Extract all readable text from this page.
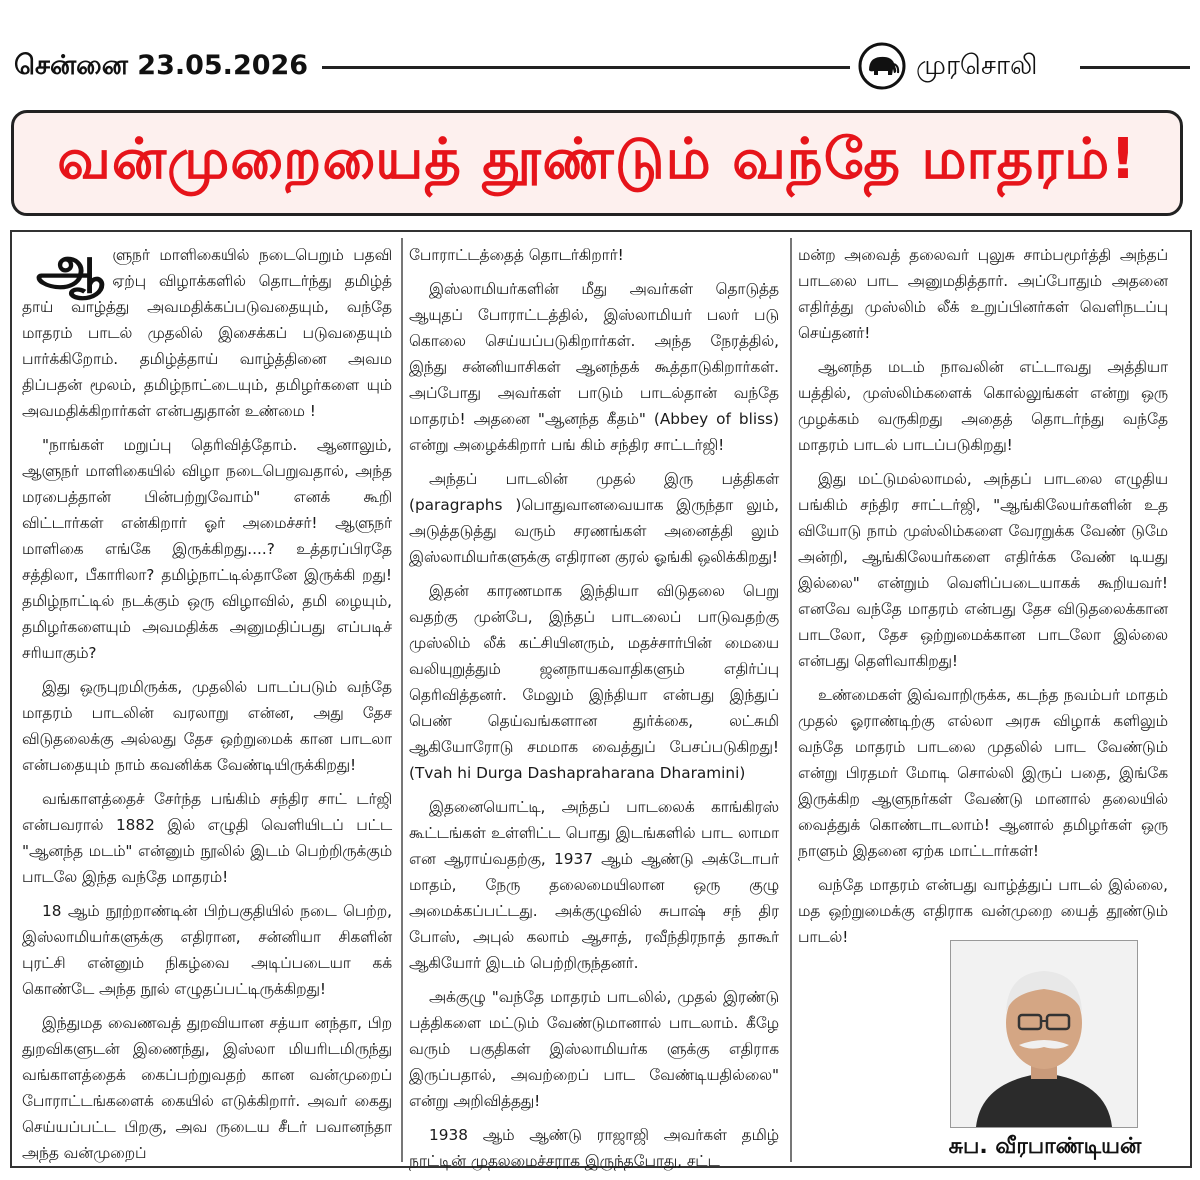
சென்னை 23.05.2026	முரசொலி
வன்முறையைத் தூண்டும் வந்தே மாதரம்!

ஆளுநர் மாளிகையில் நடைபெறும் பதவி ஏற்பு விழாக்களில் தொடர்ந்து தமிழ்த் தாய் வாழ்த்து அவமதிக்கப்படுவதையும், வந்தே மாதரம் பாடல் முதலில் இசைக்கப் படுவதையும் பார்க்கிறோம். தமிழ்த்தாய் வாழ்த்தினை அவம திப்பதன் மூலம், தமிழ்நாட்டையும், தமிழர்களை யும் அவமதிக்கிறார்கள் என்பதுதான் உண்மை !

"நாங்கள் மறுப்பு தெரிவித்தோம். ஆனாலும், ஆளுநர் மாளிகையில் விழா நடைபெறுவதால், அந்த மரபைத்தான் பின்பற்றுவோம்" எனக் கூறி விட்டார்கள் என்கிறார் ஓர் அமைச்சர்! ஆளுநர் மாளிகை எங்கே இருக்கிறது....? உத்தரப்பிரதே சத்திலா, பீகாரிலா? தமிழ்நாட்டில்தானே இருக்கி றது! தமிழ்நாட்டில் நடக்கும் ஒரு விழாவில், தமி ழையும், தமிழர்களையும் அவமதிக்க அனுமதிப்பது எப்படிச் சரியாகும்?

இது ஒருபுறமிருக்க, முதலில் பாடப்படும் வந்தே மாதரம் பாடலின் வரலாறு என்ன, அது தேச விடுதலைக்கு அல்லது தேச ஒற்றுமைக் கான பாடலா என்பதையும் நாம் கவனிக்க வேண்டியிருக்கிறது!

வங்காளத்தைச் சேர்ந்த பங்கிம் சந்திர சாட் டர்ஜி என்பவரால் 1882 இல் எழுதி வெளியிடப் பட்ட "ஆனந்த மடம்" என்னும் நூலில் இடம் பெற்றிருக்கும் பாடலே இந்த வந்தே மாதரம்!

18 ஆம் நூற்றாண்டின் பிற்பகுதியில் நடை பெற்ற, இஸ்லாமியர்களுக்கு எதிரான, சன்னியா சிகளின் புரட்சி என்னும் நிகழ்வை அடிப்படையா கக் கொண்டே அந்த நூல் எழுதப்பட்டிருக்கிறது!

இந்துமத வைணவத் துறவியான சத்யா னந்தா, பிற துறவிகளுடன் இணைந்து, இஸ்லா மியரிடமிருந்து வங்காளத்தைக் கைப்பற்றுவதற் கான வன்முறைப் போராட்டங்களைக் கையில் எடுக்கிறார். அவர் கைது செய்யப்பட்ட பிறகு, அவ ருடைய சீடர் பவானந்தா அந்த வன்முறைப்

போராட்டத்தைத் தொடர்கிறார்!

இஸ்லாமியர்களின் மீது அவர்கள் தொடுத்த ஆயுதப் போராட்டத்தில், இஸ்லாமியர் பலர் படு கொலை செய்யப்படுகிறார்கள். அந்த நேரத்தில், இந்து சன்னியாசிகள் ஆனந்தக் கூத்தாடுகிறார்கள். அப்போது அவர்கள் பாடும் பாடல்தான் வந்தே மாதரம்! அதனை "ஆனந்த கீதம்" (Abbey of bliss) என்று அழைக்கிறார் பங் கிம் சந்திர சாட்டர்ஜி!

அந்தப் பாடலின் முதல் இரு பத்திகள் (paragraphs )பொதுவானவையாக இருந்தா லும், அடுத்தடுத்து வரும் சரணங்கள் அனைத்தி லும் இஸ்லாமியர்களுக்கு எதிரான குரல் ஓங்கி ஒலிக்கிறது!

இதன் காரணமாக இந்தியா விடுதலை பெறு வதற்கு முன்பே, இந்தப் பாடலைப் பாடுவதற்கு முஸ்லிம் லீக் கட்சியினரும், மதச்சார்பின் மையை வலியுறுத்தும் ஜனநாயகவாதிகளும் எதிர்ப்பு தெரிவித்தனர். மேலும் இந்தியா என்பது இந்துப் பெண் தெய்வங்களான துர்க்கை, லட்சுமி ஆகியோரோடு சமமாக வைத்துப் பேசப்படுகிறது! (Tvah hi Durga Dashapraharana Dharamini)

இதனையொட்டி, அந்தப் பாடலைக் காங்கிரஸ் கூட்டங்கள் உள்ளிட்ட பொது இடங்களில் பாட லாமா என ஆராய்வதற்கு, 1937 ஆம் ஆண்டு அக்டோபர் மாதம், நேரு தலைமையிலான ஒரு குழு அமைக்கப்பட்டது. அக்குழுவில் சுபாஷ் சந் திர போஸ், அபுல் கலாம் ஆசாத், ரவீந்திரநாத் தாகூர் ஆகியோர் இடம் பெற்றிருந்தனர்.

அக்குழு "வந்தே மாதரம் பாடலில், முதல் இரண்டு பத்திகளை மட்டும் வேண்டுமானால் பாடலாம். கீழே வரும் பகுதிகள் இஸ்லாமியர்க ளுக்கு எதிராக இருப்பதால், அவற்றைப் பாட வேண்டியதில்லை" என்று அறிவித்தது!

1938 ஆம் ஆண்டு ராஜாஜி அவர்கள் தமிழ் நாட்டின் முதலமைச்சராக இருந்தபோது, சட்ட

மன்ற அவைத் தலைவர் புலுசு சாம்பமூர்த்தி அந்தப் பாடலை பாட அனுமதித்தார். அப்போதும் அதனை எதிர்த்து முஸ்லிம் லீக் உறுப்பினர்கள் வெளிநடப்பு செய்தனர்!

ஆனந்த மடம் நாவலின் எட்டாவது அத்தியா யத்தில், முஸ்லிம்களைக் கொல்லுங்கள் என்று ஒரு முழக்கம் வருகிறது அதைத் தொடர்ந்து வந்தே மாதரம் பாடல் பாடப்படுகிறது!

இது மட்டுமல்லாமல், அந்தப் பாடலை எழுதிய பங்கிம் சந்திர சாட்டர்ஜி, "ஆங்கிலேயர்களின் உத வியோடு நாம் முஸ்லிம்களை வேரறுக்க வேண் டுமே அன்றி, ஆங்கிலேயர்களை எதிர்க்க வேண் டியது இல்லை" என்றும் வெளிப்படையாகக் கூறியவர்! எனவே வந்தே மாதரம் என்பது தேச விடுதலைக்கான பாடலோ, தேச ஒற்றுமைக்கான பாடலோ இல்லை என்பது தெளிவாகிறது!

உண்மைகள் இவ்வாறிருக்க, கடந்த நவம்பர் மாதம் முதல் ஓராண்டிற்கு எல்லா அரசு விழாக் களிலும் வந்தே மாதரம் பாடலை முதலில் பாட வேண்டும் என்று பிரதமர் மோடி சொல்லி இருப் பதை, இங்கே இருக்கிற ஆளுநர்கள் வேண்டு மானால் தலையில் வைத்துக் கொண்டாடலாம்! ஆனால் தமிழர்கள் ஒரு நாளும் இதனை ஏற்க மாட்டார்கள்!

வந்தே மாதரம் என்பது வாழ்த்துப் பாடல் இல்லை, மத ஒற்றுமைக்கு எதிராக வன்முறை யைத் தூண்டும் பாடல்!

சுப. வீரபாண்டியன்
